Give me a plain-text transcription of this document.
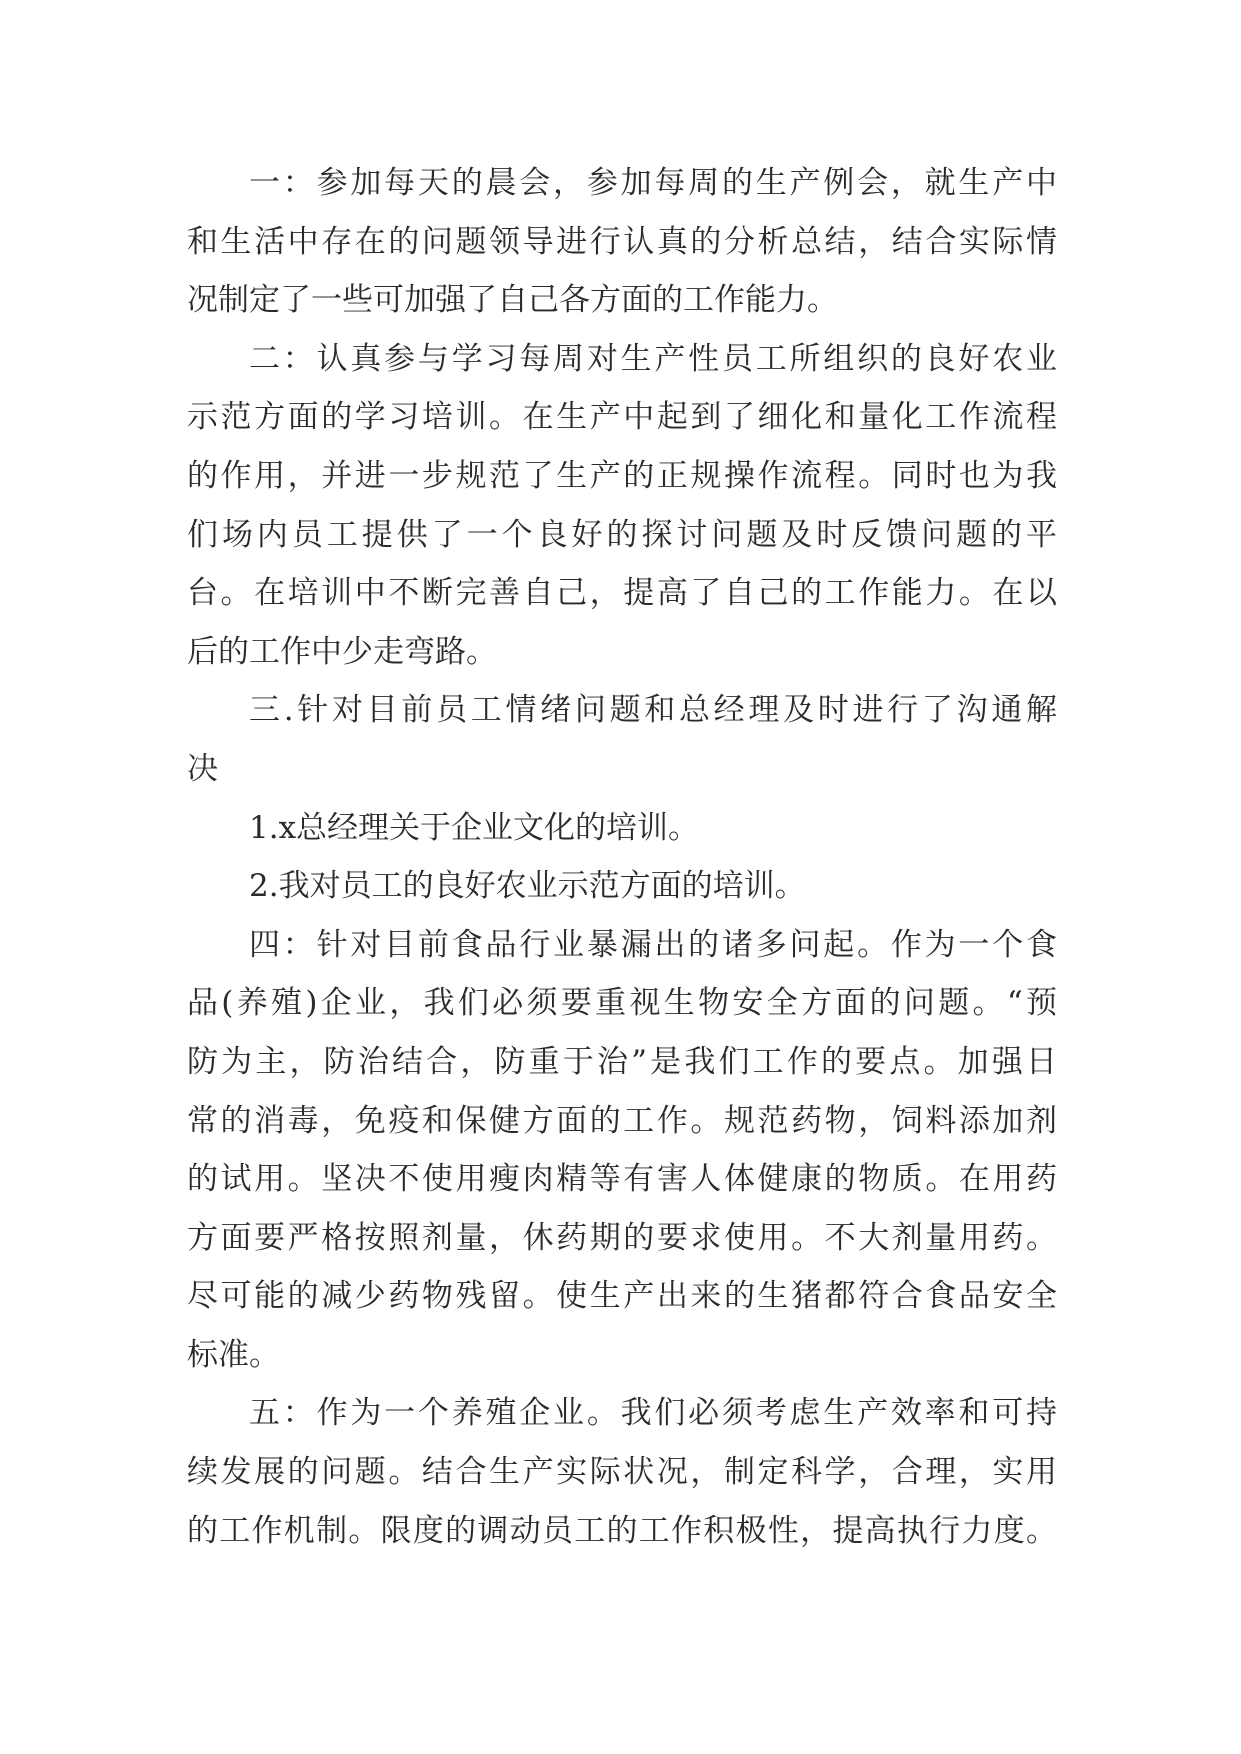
一：参加每天的晨会，参加每周的生产例会，就生产中
和生活中存在的问题领导进行认真的分析总结，结合实际情
况制定了一些可加强了自己各方面的工作能力。
二：认真参与学习每周对生产性员工所组织的良好农业
示范方面的学习培训。在生产中起到了细化和量化工作流程
的作用，并进一步规范了生产的正规操作流程。同时也为我
们场内员工提供了一个良好的探讨问题及时反馈问题的平
台。在培训中不断完善自己，提高了自己的工作能力。在以
后的工作中少走弯路。
三.针对目前员工情绪问题和总经理及时进行了沟通解
决
1.x总经理关于企业文化的培训。
2.我对员工的良好农业示范方面的培训。
四：针对目前食品行业暴漏出的诸多问起。作为一个食
品(养殖)企业，我们必须要重视生物安全方面的问题。“预
防为主，防治结合，防重于治”是我们工作的要点。加强日
常的消毒，免疫和保健方面的工作。规范药物，饲料添加剂
的试用。坚决不使用瘦肉精等有害人体健康的物质。在用药
方面要严格按照剂量，休药期的要求使用。不大剂量用药。
尽可能的减少药物残留。使生产出来的生猪都符合食品安全
标准。
五：作为一个养殖企业。我们必须考虑生产效率和可持
续发展的问题。结合生产实际状况，制定科学，合理，实用
的工作机制。限度的调动员工的工作积极性，提高执行力度。
